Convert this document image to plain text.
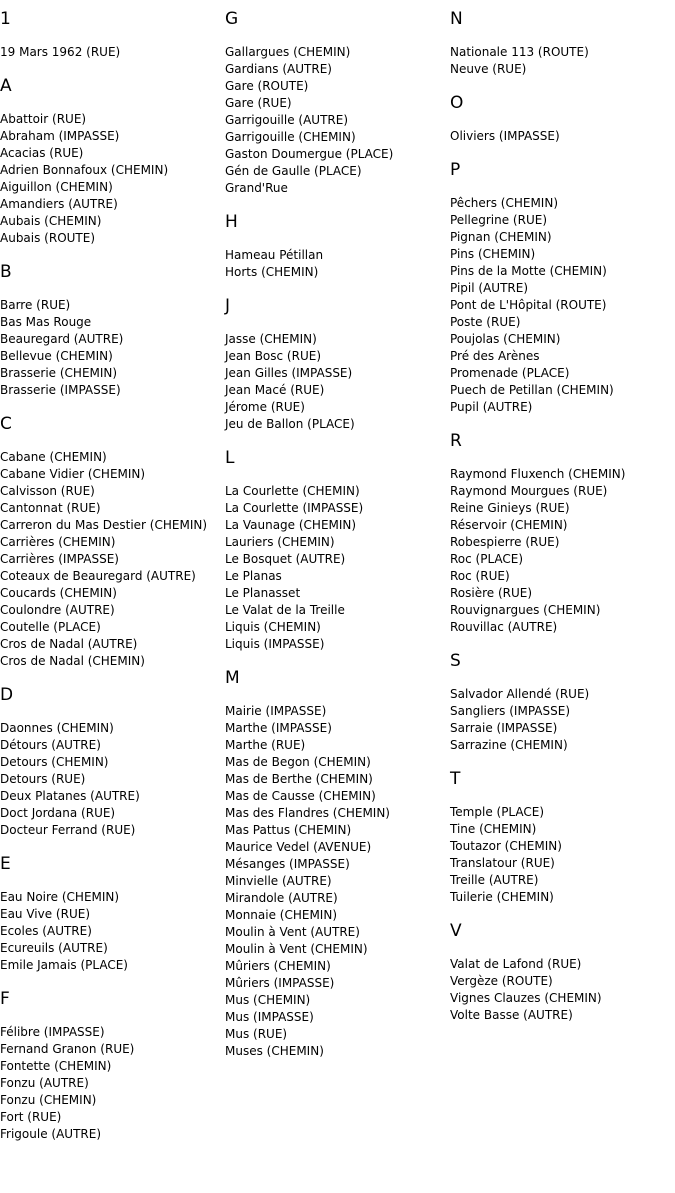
1
19 Mars 1962 (RUE)
A
Abattoir (RUE)
Abraham (IMPASSE)
Acacias (RUE)
Adrien Bonnafoux (CHEMIN)
Aiguillon (CHEMIN)
Amandiers (AUTRE)
Aubais (CHEMIN)
Aubais (ROUTE)
B
Barre (RUE)
Bas Mas Rouge
Beauregard (AUTRE)
Bellevue (CHEMIN)
Brasserie (CHEMIN)
Brasserie (IMPASSE)
C
Cabane (CHEMIN)
Cabane Vidier (CHEMIN)
Calvisson (RUE)
Cantonnat (RUE)
Carreron du Mas Destier (CHEMIN)
Carrières (CHEMIN)
Carrières (IMPASSE)
Coteaux de Beauregard (AUTRE)
Coucards (CHEMIN)
Coulondre (AUTRE)
Coutelle (PLACE)
Cros de Nadal (AUTRE)
Cros de Nadal (CHEMIN)
D
Daonnes (CHEMIN)
Détours (AUTRE)
Detours (CHEMIN)
Detours (RUE)
Deux Platanes (AUTRE)
Doct Jordana (RUE)
Docteur Ferrand (RUE)
E
Eau Noire (CHEMIN)
Eau Vive (RUE)
Ecoles (AUTRE)
Ecureuils (AUTRE)
Emile Jamais (PLACE)
F
Félibre (IMPASSE)
Fernand Granon (RUE)
Fontette (CHEMIN)
Fonzu (AUTRE)
Fonzu (CHEMIN)
Fort (RUE)
Frigoule (AUTRE)
G
Gallargues (CHEMIN)
Gardians (AUTRE)
Gare (ROUTE)
Gare (RUE)
Garrigouille (AUTRE)
Garrigouille (CHEMIN)
Gaston Doumergue (PLACE)
Gén de Gaulle (PLACE)
Grand'Rue
H
Hameau Pétillan
Horts (CHEMIN)
J
Jasse (CHEMIN)
Jean Bosc (RUE)
Jean Gilles (IMPASSE)
Jean Macé (RUE)
Jérome (RUE)
Jeu de Ballon (PLACE)
L
La Courlette (CHEMIN)
La Courlette (IMPASSE)
La Vaunage (CHEMIN)
Lauriers (CHEMIN)
Le Bosquet (AUTRE)
Le Planas
Le Planasset
Le Valat de la Treille
Liquis (CHEMIN)
Liquis (IMPASSE)
M
Mairie (IMPASSE)
Marthe (IMPASSE)
Marthe (RUE)
Mas de Begon (CHEMIN)
Mas de Berthe (CHEMIN)
Mas de Causse (CHEMIN)
Mas des Flandres (CHEMIN)
Mas Pattus (CHEMIN)
Maurice Vedel (AVENUE)
Mésanges (IMPASSE)
Minvielle (AUTRE)
Mirandole (AUTRE)
Monnaie (CHEMIN)
Moulin à Vent (AUTRE)
Moulin à Vent (CHEMIN)
Mûriers (CHEMIN)
Mûriers (IMPASSE)
Mus (CHEMIN)
Mus (IMPASSE)
Mus (RUE)
Muses (CHEMIN)
N
Nationale 113 (ROUTE)
Neuve (RUE)
O
Oliviers (IMPASSE)
P
Pêchers (CHEMIN)
Pellegrine (RUE)
Pignan (CHEMIN)
Pins (CHEMIN)
Pins de la Motte (CHEMIN)
Pipil (AUTRE)
Pont de L'Hôpital (ROUTE)
Poste (RUE)
Poujolas (CHEMIN)
Pré des Arènes
Promenade (PLACE)
Puech de Petillan (CHEMIN)
Pupil (AUTRE)
R
Raymond Fluxench (CHEMIN)
Raymond Mourgues (RUE)
Reine Ginieys (RUE)
Réservoir (CHEMIN)
Robespierre (RUE)
Roc (PLACE)
Roc (RUE)
Rosière (RUE)
Rouvignargues (CHEMIN)
Rouvillac (AUTRE)
S
Salvador Allendé (RUE)
Sangliers (IMPASSE)
Sarraie (IMPASSE)
Sarrazine (CHEMIN)
T
Temple (PLACE)
Tine (CHEMIN)
Toutazor (CHEMIN)
Translatour (RUE)
Treille (AUTRE)
Tuilerie (CHEMIN)
V
Valat de Lafond (RUE)
Vergèze (ROUTE)
Vignes Clauzes (CHEMIN)
Volte Basse (AUTRE)
